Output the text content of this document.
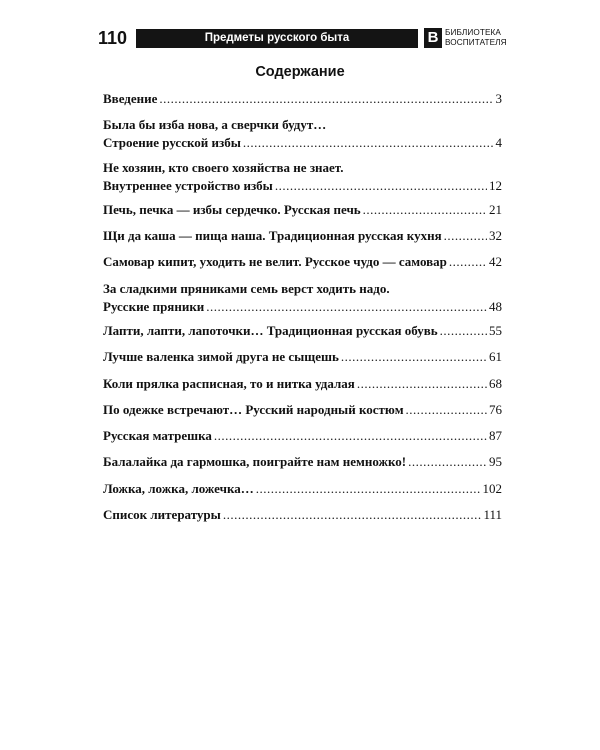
110	Предметы русского быта	В БИБЛИОТЕКА
ВОСПИТАТЕЛЯ
Содержание
Введение .....	3
Была бы изба нова, а сверчки будут…
Строение русской избы .....	4
Не хозяин, кто своего хозяйства не знает.
Внутреннее устройство избы .....	12
Печь, печка — избы сердечко. Русская печь .....	21
Щи да каша — пища наша. Традиционная русская кухня .....	32
Самовар кипит, уходить не велит. Русское чудо — самовар .....	42
За сладкими пряниками семь верст ходить надо.
Русские пряники .....	48
Лапти, лапти, лапоточки… Традиционная русская обувь .....	55
Лучше валенка зимой друга не сыщешь .....	61
Коли прялка расписная, то и нитка удалая .....	68
По одежке встречают… Русский народный костюм .....	76
Русская матрешка .....	87
Балалайка да гармошка, поиграйте нам немножко! .....	95
Ложка, ложка, ложечка… .....	102
Список литературы .....	111
